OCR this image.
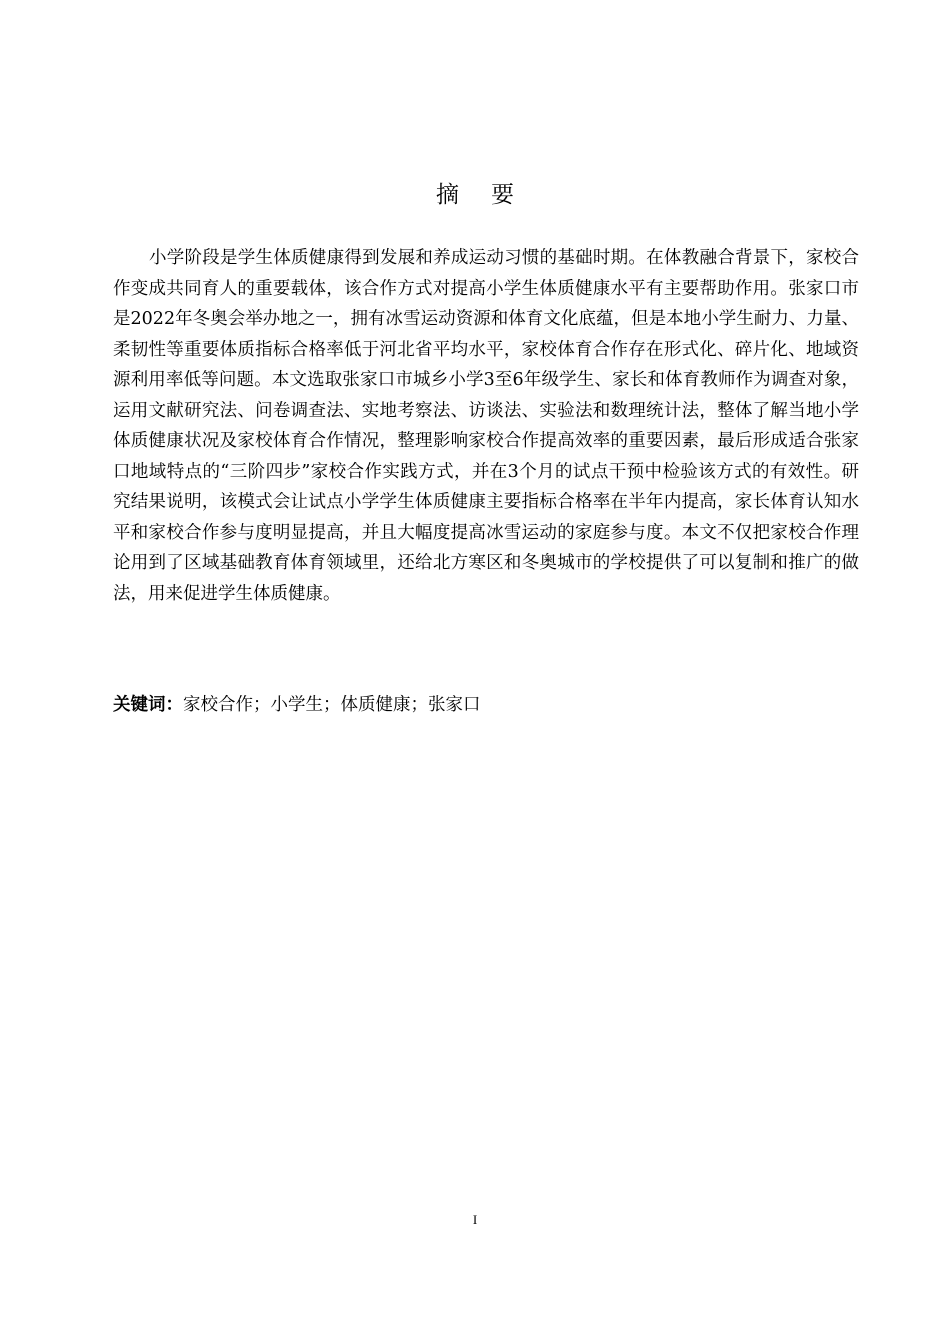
摘要

小学阶段是学生体质健康得到发展和养成运动习惯的基础时期。在体教融合背景下，家校合作变成共同育人的重要载体，该合作方式对提高小学生体质健康水平有主要帮助作用。张家口市是2022年冬奥会举办地之一，拥有冰雪运动资源和体育文化底蕴，但是本地小学生耐力、力量、柔韧性等重要体质指标合格率低于河北省平均水平，家校体育合作存在形式化、碎片化、地域资源利用率低等问题。本文选取张家口市城乡小学3至6年级学生、家长和体育教师作为调查对象，运用文献研究法、问卷调查法、实地考察法、访谈法、实验法和数理统计法，整体了解当地小学体质健康状况及家校体育合作情况，整理影响家校合作提高效率的重要因素，最后形成适合张家口地域特点的“三阶四步”家校合作实践方式，并在3个月的试点干预中检验该方式的有效性。研究结果说明，该模式会让试点小学学生体质健康主要指标合格率在半年内提高，家长体育认知水平和家校合作参与度明显提高，并且大幅度提高冰雪运动的家庭参与度。本文不仅把家校合作理论用到了区域基础教育体育领域里，还给北方寒区和冬奥城市的学校提供了可以复制和推广的做法，用来促进学生体质健康。

关键词：家校合作；小学生；体质健康；张家口

I
